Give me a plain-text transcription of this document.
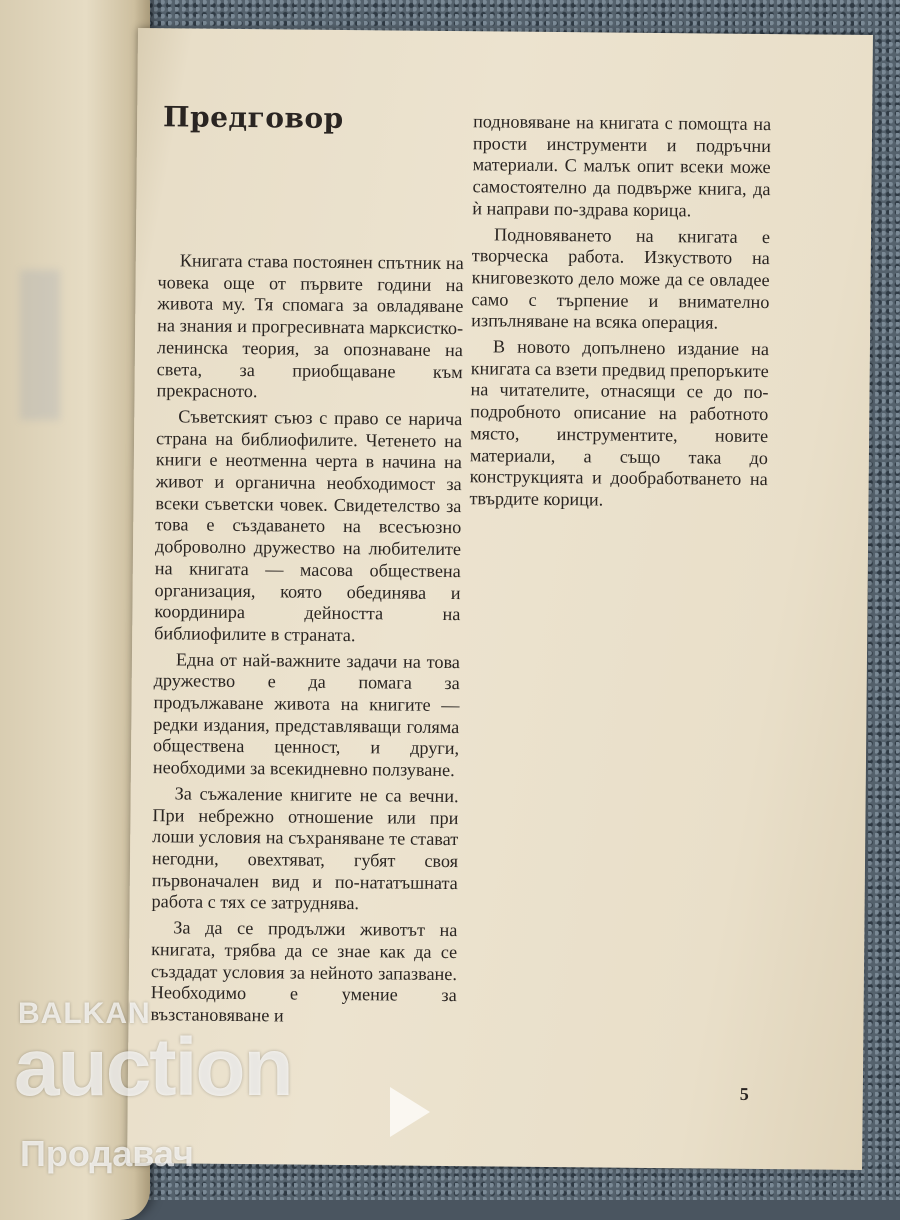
Предговор

Книгата става постоянен спътник на човека още от първите години на живота му. Тя спомага за овладяване на знания и прогресивната марксистко-ленинска теория, за опознаване на света, за приобщаване към прекрасното.

Съветският съюз с право се нарича страна на библиофилите. Четенето на книги е неотменна черта в начина на живот и органична необходимост за всеки съветски човек. Свидетелство за това е създаването на всесъюзно доброволно дружество на любителите на книгата — масова обществена организация, която обединява и координира дейността на библиофилите в страната.

Една от най-важните задачи на това дружество е да помага за продължаване живота на книгите — редки издания, представляващи голяма обществена ценност, и други, необходими за всекидневно ползуване.

За съжаление книгите не са вечни. При небрежно отношение или при лоши условия на съхраняване те стават негодни, овехтяват, губят своя първоначален вид и по-нататъшната работа с тях се затруднява.

За да се продължи животът на книгата, трябва да се знае как да се създадат условия за нейното запазване. Необходимо е умение за възстановяване и

подновяване на книгата с помощта на прости инструменти и подръчни материали. С малък опит всеки може самостоятелно да подвърже книга, да ѝ направи по-здрава корица.

Подновяването на книгата е творческа работа. Изкуството на книговезкото дело може да се овладее само с търпение и внимателно изпълняване на всяка операция.

В новото допълнено издание на книгата са взети предвид препоръките на читателите, отнасящи се до по-подробното описание на работното място, инструментите, новите материали, а също така до конструкцията и дообработването на твърдите корици.

5
BALKAN
auction
Продавач
